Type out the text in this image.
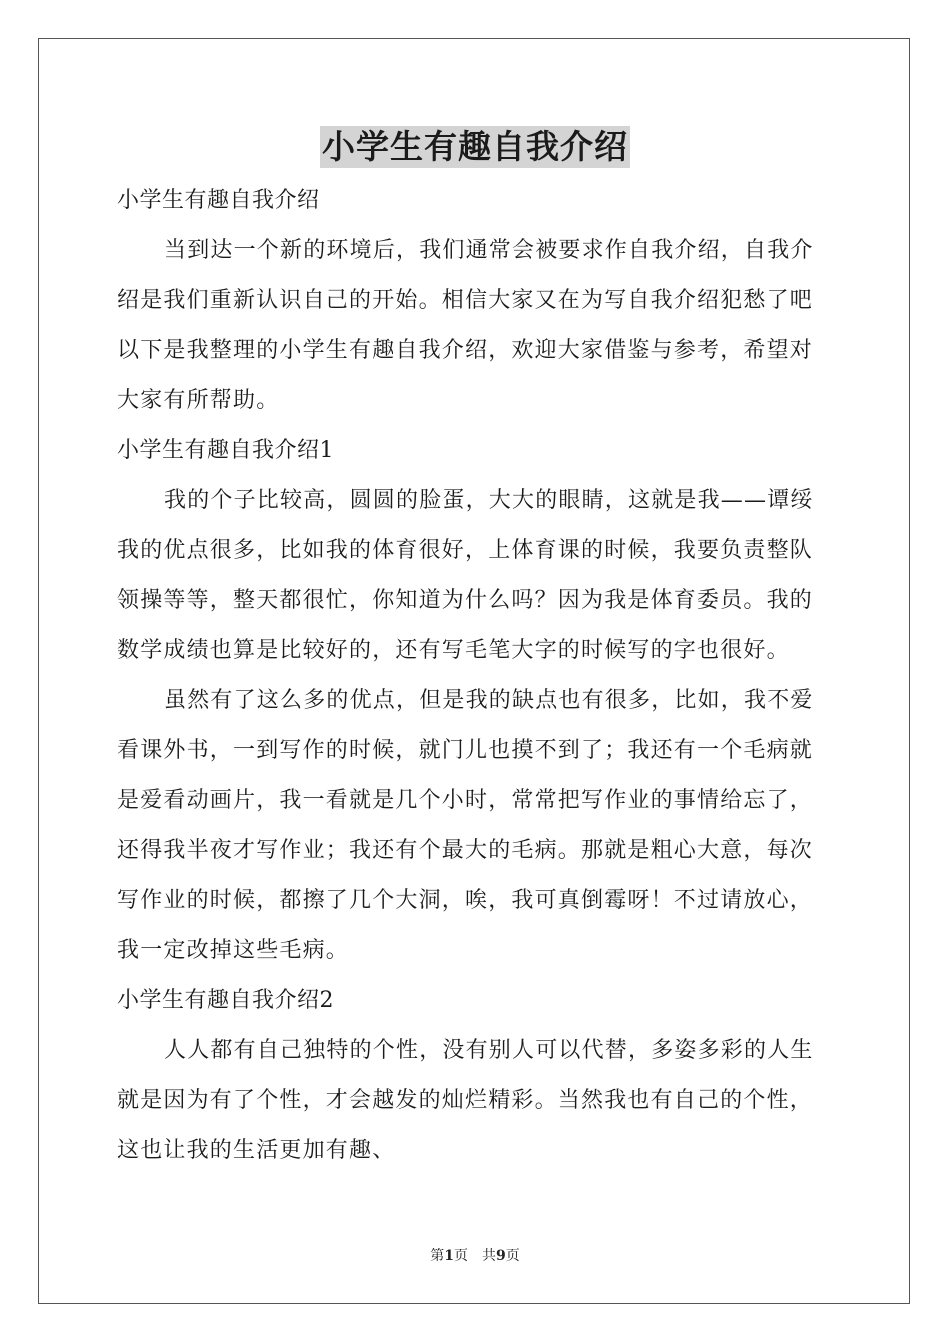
小学生有趣自我介绍
小学生有趣自我介绍
当到达一个新的环境后，我们通常会被要求作自我介绍，自我介
绍是我们重新认识自己的开始。相信大家又在为写自我介绍犯愁了吧
以下是我整理的小学生有趣自我介绍，欢迎大家借鉴与参考，希望对
大家有所帮助。
小学生有趣自我介绍1
我的个子比较高，圆圆的脸蛋，大大的眼睛，这就是我——谭绥
我的优点很多，比如我的体育很好，上体育课的时候，我要负责整队
领操等等，整天都很忙，你知道为什么吗？因为我是体育委员。我的
数学成绩也算是比较好的，还有写毛笔大字的时候写的字也很好。
虽然有了这么多的优点，但是我的缺点也有很多，比如，我不爱
看课外书，一到写作的时候，就门儿也摸不到了；我还有一个毛病就
是爱看动画片，我一看就是几个小时，常常把写作业的事情给忘了，
还得我半夜才写作业；我还有个最大的毛病。那就是粗心大意，每次
写作业的时候，都擦了几个大洞，唉，我可真倒霉呀！不过请放心，
我一定改掉这些毛病。
小学生有趣自我介绍2
人人都有自己独特的个性，没有别人可以代替，多姿多彩的人生
就是因为有了个性，才会越发的灿烂精彩。当然我也有自己的个性，
这也让我的生活更加有趣、
第1页 共9页
